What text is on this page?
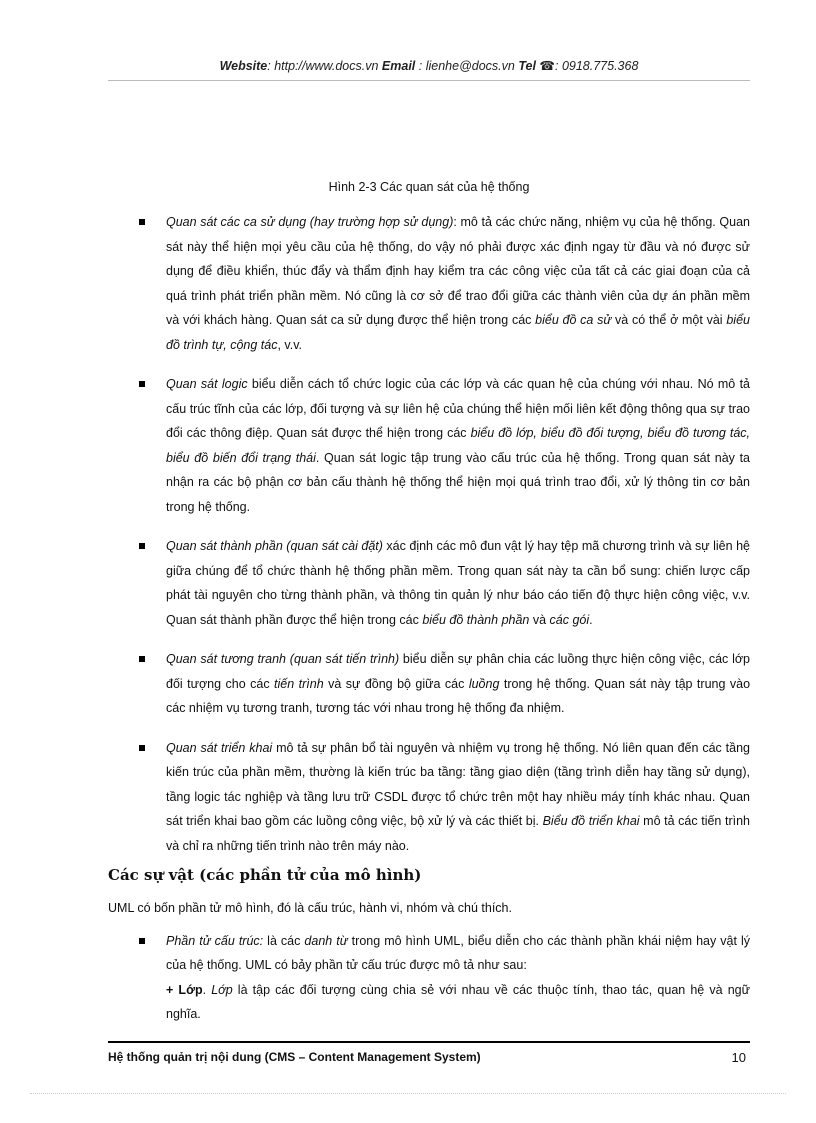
Website: http://www.docs.vn Email : lienhe@docs.vn Tel ☎: 0918.775.368
Hình 2-3 Các quan sát của hệ thống

Quan sát các ca sử dụng (hay trường hợp sử dụng): mô tả các chức năng, nhiệm vụ của hệ thống. Quan sát này thể hiện mọi yêu cầu của hệ thống, do vậy nó phải được xác định ngay từ đầu và nó được sử dụng để điều khiển, thúc đẩy và thẩm định hay kiểm tra các công việc của tất cả các giai đoạn của cả quá trình phát triển phần mềm. Nó cũng là cơ sở để trao đổi giữa các thành viên của dự án phần mềm và với khách hàng. Quan sát ca sử dụng được thể hiện trong các biểu đồ ca sử và có thể ở một vài biểu đồ trình tự, cộng tác, v.v.

Quan sát logic biểu diễn cách tổ chức logic của các lớp và các quan hệ của chúng với nhau. Nó mô tả cấu trúc tĩnh của các lớp, đối tượng và sự liên hệ của chúng thể hiện mối liên kết động thông qua sự trao đổi các thông điệp. Quan sát được thể hiện trong các biểu đồ lớp, biểu đồ đối tượng, biểu đồ tương tác, biểu đồ biến đổi trạng thái. Quan sát logic tập trung vào cấu trúc của hệ thống. Trong quan sát này ta nhận ra các bộ phận cơ bản cấu thành hệ thống thể hiện mọi quá trình trao đổi, xử lý thông tin cơ bản trong hệ thống.

Quan sát thành phần (quan sát cài đặt) xác định các mô đun vật lý hay tệp mã chương trình và sự liên hệ giữa chúng để tổ chức thành hệ thống phần mềm. Trong quan sát này ta cần bổ sung: chiến lược cấp phát tài nguyên cho từng thành phần, và thông tin quản lý như báo cáo tiến độ thực hiện công việc, v.v. Quan sát thành phần được thể hiện trong các biểu đồ thành phần và các gói.

Quan sát tương tranh (quan sát tiến trình) biểu diễn sự phân chia các luồng thực hiện công việc, các lớp đối tượng cho các tiến trình và sự đồng bộ giữa các luồng trong hệ thống. Quan sát này tập trung vào các nhiệm vụ tương tranh, tương tác với nhau trong hệ thống đa nhiệm.

Quan sát triển khai mô tả sự phân bổ tài nguyên và nhiệm vụ trong hệ thống. Nó liên quan đến các tầng kiến trúc của phần mềm, thường là kiến trúc ba tầng: tầng giao diện (tầng trình diễn hay tầng sử dụng), tầng logic tác nghiệp và tầng lưu trữ CSDL được tổ chức trên một hay nhiều máy tính khác nhau. Quan sát triển khai bao gồm các luồng công việc, bộ xử lý và các thiết bị. Biểu đồ triển khai mô tả các tiến trình và chỉ ra những tiến trình nào trên máy nào.

Các sự vật (các phần tử của mô hình)

UML có bốn phần tử mô hình, đó là cấu trúc, hành vi, nhóm và chú thích.

Phần tử cấu trúc: là các danh từ trong mô hình UML, biểu diễn cho các thành phần khái niệm hay vật lý của hệ thống. UML có bảy phần tử cấu trúc được mô tả như sau:

+ Lớp. Lớp là tập các đối tượng cùng chia sẻ với nhau về các thuộc tính, thao tác, quan hệ và ngữ nghĩa.

Hệ thống quản trị nội dung (CMS – Content Management System)	10
